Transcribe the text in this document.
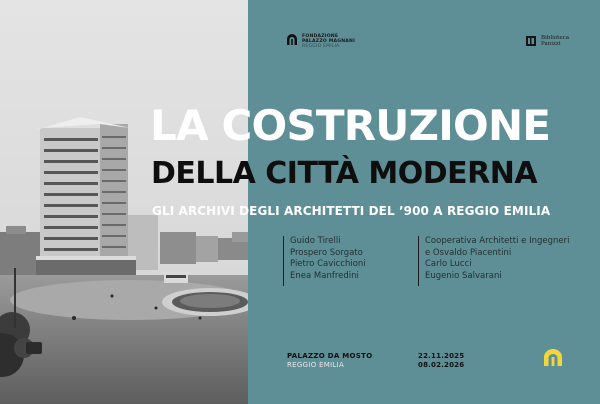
FONDAZIONE
PALAZZO MAGNANI
REGGIO EMILIA
Biblioteca
Panizzi
LA COSTRUZIONE
DELLA CITTÀ MODERNA
GLI ARCHIVI DEGLI ARCHITETTI DEL ’900 A REGGIO EMILIA
Guido Tirelli
Prospero Sorgato
Pietro Cavicchioni
Enea Manfredini
Cooperativa Architetti e Ingegneri
e Osvaldo Piacentini
Carlo Lucci
Eugenio Salvarani
PALAZZO DA MOSTO
REGGIO EMILIA
22.11.2025
08.02.2026
